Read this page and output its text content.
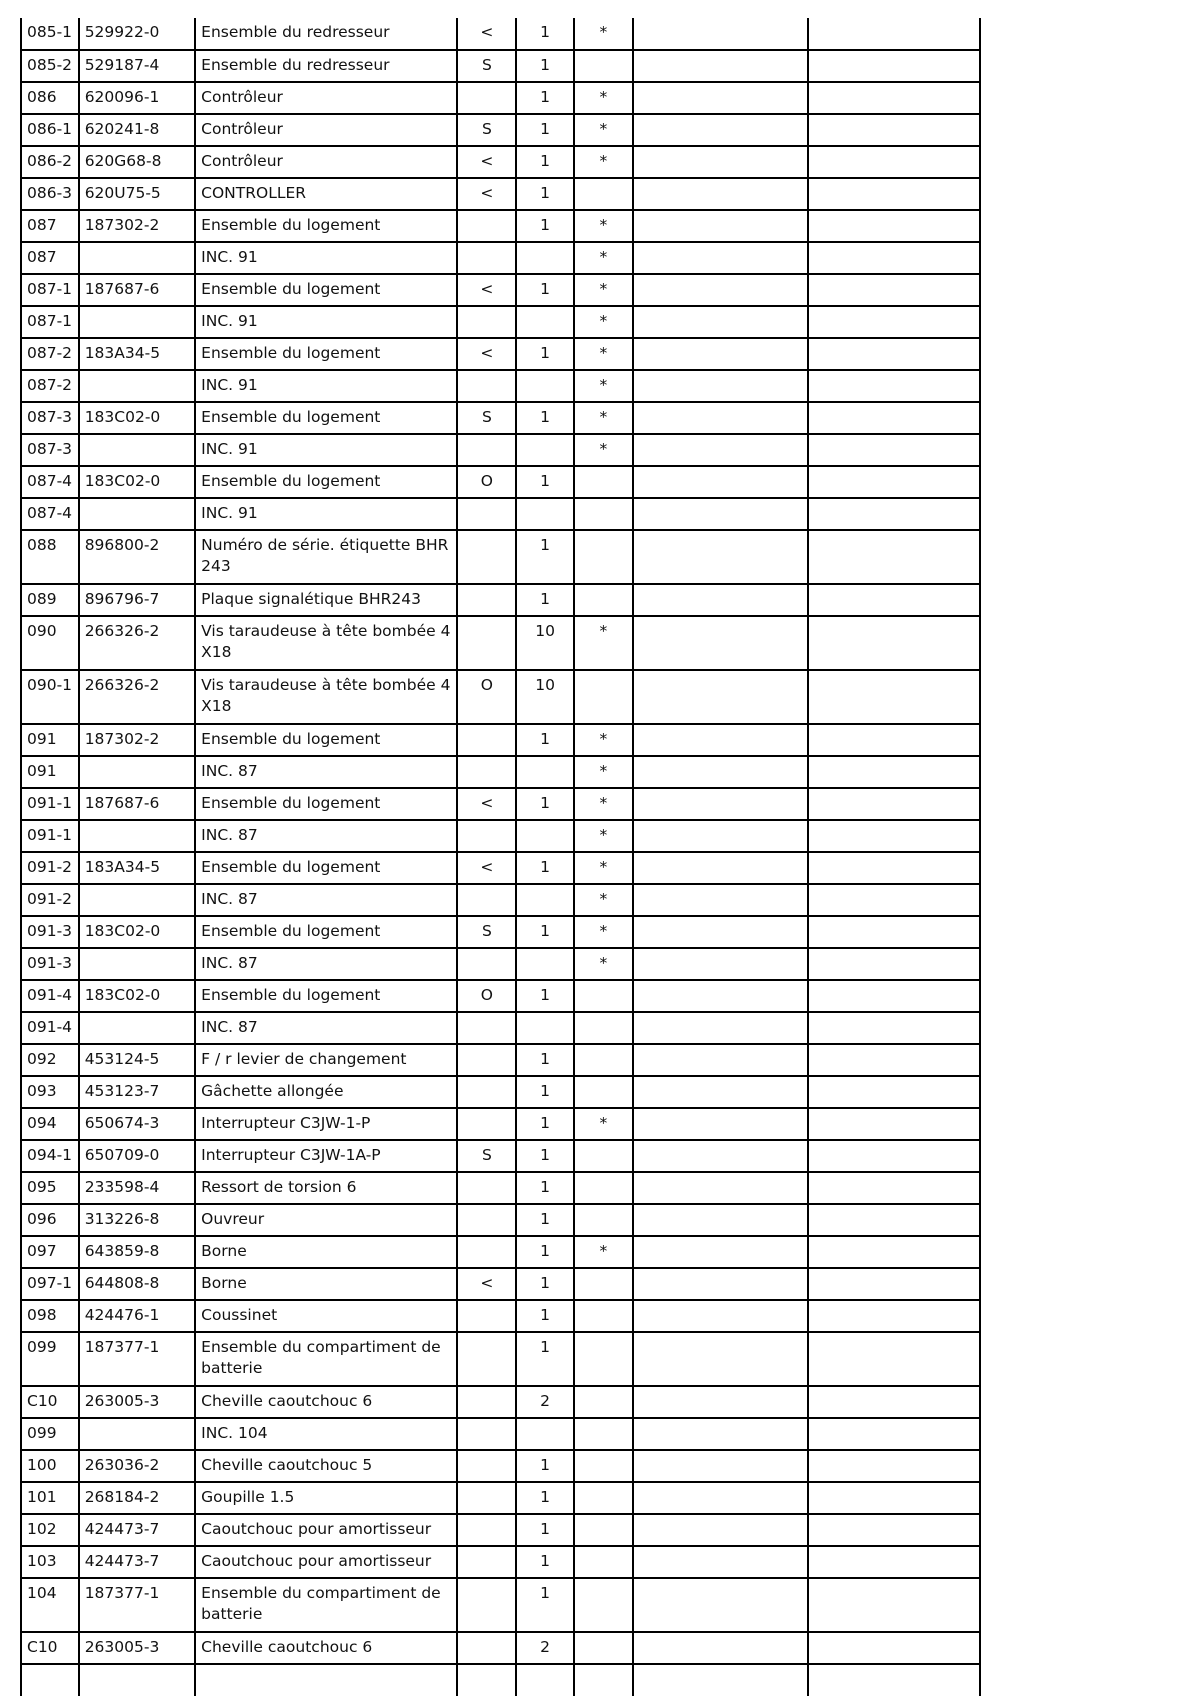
085-1	529922-0	Ensemble du redresseur	<	1	*		
085-2	529187-4	Ensemble du redresseur	S	1			
086	620096-1	Contrôleur		1	*		
086-1	620241-8	Contrôleur	S	1	*		
086-2	620G68-8	Contrôleur	<	1	*		
086-3	620U75-5	CONTROLLER	<	1			
087	187302-2	Ensemble du logement		1	*		
087		INC. 91			*		
087-1	187687-6	Ensemble du logement	<	1	*		
087-1		INC. 91			*		
087-2	183A34-5	Ensemble du logement	<	1	*		
087-2		INC. 91			*		
087-3	183C02-0	Ensemble du logement	S	1	*		
087-3		INC. 91			*		
087-4	183C02-0	Ensemble du logement	O	1			
087-4		INC. 91					
088	896800-2	Numéro de série. étiquette BHR243		1			
089	896796-7	Plaque signalétique BHR243		1			
090	266326-2	Vis taraudeuse à tête bombée 4X18		10	*		
090-1	266326-2	Vis taraudeuse à tête bombée 4X18	O	10			
091	187302-2	Ensemble du logement		1	*		
091		INC. 87			*		
091-1	187687-6	Ensemble du logement	<	1	*		
091-1		INC. 87			*		
091-2	183A34-5	Ensemble du logement	<	1	*		
091-2		INC. 87			*		
091-3	183C02-0	Ensemble du logement	S	1	*		
091-3		INC. 87			*		
091-4	183C02-0	Ensemble du logement	O	1			
091-4		INC. 87					
092	453124-5	F / r levier de changement		1			
093	453123-7	Gâchette allongée		1			
094	650674-3	Interrupteur C3JW-1-P		1	*		
094-1	650709-0	Interrupteur C3JW-1A-P	S	1			
095	233598-4	Ressort de torsion 6		1			
096	313226-8	Ouvreur		1			
097	643859-8	Borne		1	*		
097-1	644808-8	Borne	<	1			
098	424476-1	Coussinet		1			
099	187377-1	Ensemble du compartiment de batterie		1			
C10	263005-3	Cheville caoutchouc 6		2			
099		INC. 104					
100	263036-2	Cheville caoutchouc 5		1			
101	268184-2	Goupille 1.5		1			
102	424473-7	Caoutchouc pour amortisseur		1			
103	424473-7	Caoutchouc pour amortisseur		1			
104	187377-1	Ensemble du compartiment de batterie		1			
C10	263005-3	Cheville caoutchouc 6		2			
